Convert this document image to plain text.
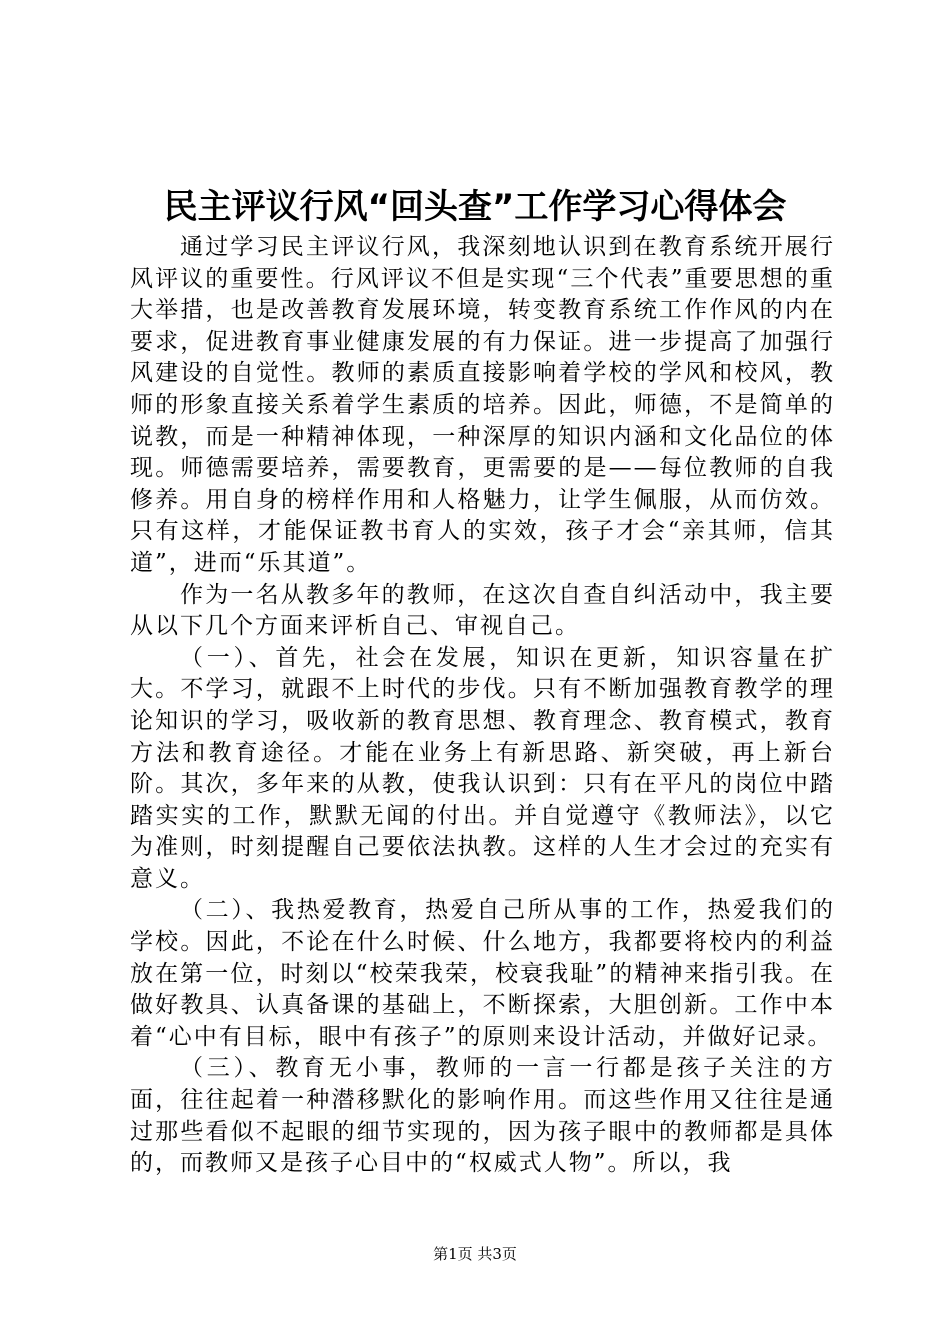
民主评议行风“回头查”工作学习心得体会

通过学习民主评议行风，我深刻地认识到在教育系统开展行风评议的重要性。行风评议不但是实现“三个代表”重要思想的重大举措，也是改善教育发展环境，转变教育系统工作作风的内在要求，促进教育事业健康发展的有力保证。进一步提高了加强行风建设的自觉性。教师的素质直接影响着学校的学风和校风，教师的形象直接关系着学生素质的培养。因此，师德，不是简单的说教，而是一种精神体现，一种深厚的知识内涵和文化品位的体现。师德需要培养，需要教育，更需要的是——每位教师的自我修养。用自身的榜样作用和人格魅力，让学生佩服，从而仿效。只有这样，才能保证教书育人的实效，孩子才会“亲其师，信其道”，进而“乐其道”。

作为一名从教多年的教师，在这次自查自纠活动中，我主要从以下几个方面来评析自己、审视自己。

（一）、首先，社会在发展，知识在更新，知识容量在扩大。不学习，就跟不上时代的步伐。只有不断加强教育教学的理论知识的学习，吸收新的教育思想、教育理念、教育模式，教育方法和教育途径。才能在业务上有新思路、新突破，再上新台阶。其次，多年来的从教，使我认识到：只有在平凡的岗位中踏踏实实的工作，默默无闻的付出。并自觉遵守《教师法》，以它为准则，时刻提醒自己要依法执教。这样的人生才会过的充实有意义。

（二）、我热爱教育，热爱自己所从事的工作，热爱我们的学校。因此，不论在什么时候、什么地方，我都要将校内的利益放在第一位，时刻以“校荣我荣，校衰我耻”的精神来指引我。在做好教具、认真备课的基础上，不断探索，大胆创新。工作中本着“心中有目标，眼中有孩子”的原则来设计活动，并做好记录。

（三）、教育无小事，教师的一言一行都是孩子关注的方面，往往起着一种潜移默化的影响作用。而这些作用又往往是通过那些看似不起眼的细节实现的，因为孩子眼中的教师都是具体的，而教师又是孩子心目中的“权威式人物”。所以，我

第1页 共3页
